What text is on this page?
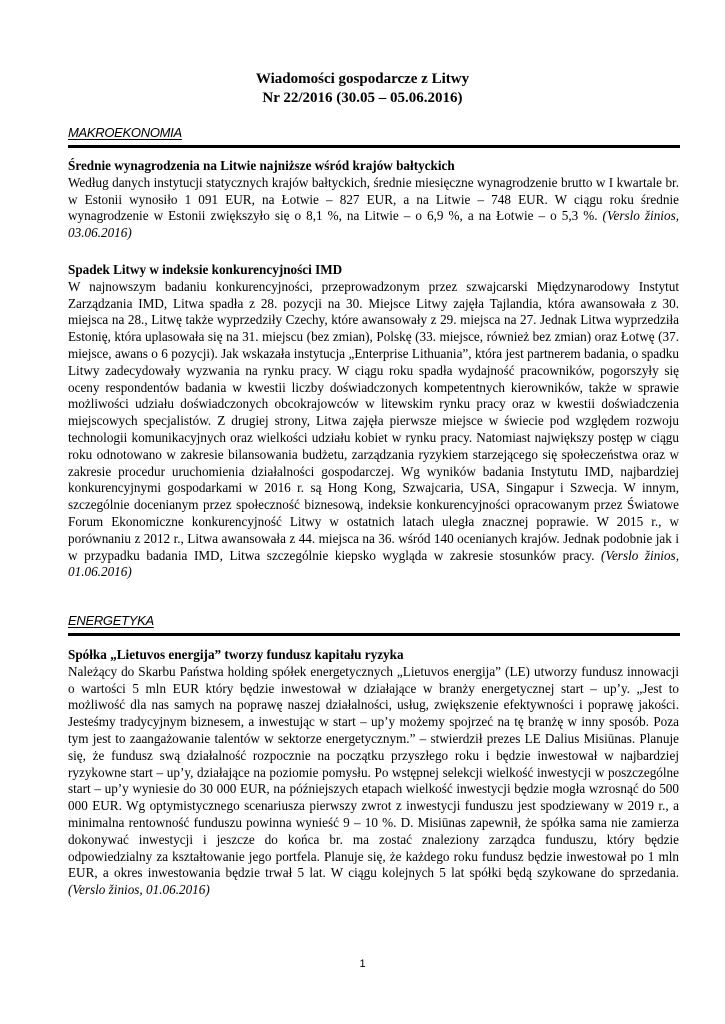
Wiadomości gospodarcze z Litwy
Nr 22/2016 (30.05 – 05.06.2016)
MAKROEKONOMIA
Średnie wynagrodzenia na Litwie najniższe wśród krajów bałtyckich
Według danych instytucji statycznych krajów bałtyckich, średnie miesięczne wynagrodzenie brutto w I kwartale br. w Estonii wynosiło 1 091 EUR, na Łotwie – 827 EUR, a na Litwie – 748 EUR. W ciągu roku średnie wynagrodzenie w Estonii zwiększyło się o 8,1 %, na Litwie – o 6,9 %, a na Łotwie – o 5,3 %. (Verslo žinios, 03.06.2016)
Spadek Litwy w indeksie konkurencyjności IMD
W najnowszym badaniu konkurencyjności, przeprowadzonym przez szwajcarski Międzynarodowy Instytut Zarządzania IMD, Litwa spadła z 28. pozycji na 30. Miejsce Litwy zajęła Tajlandia, która awansowała z 30. miejsca na 28., Litwę także wyprzedziły Czechy, które awansowały z 29. miejsca na 27. Jednak Litwa wyprzedziła Estonię, która uplasowała się na 31. miejscu (bez zmian), Polskę (33. miejsce, również bez zmian) oraz Łotwę (37. miejsce, awans o 6 pozycji). Jak wskazała instytucja „Enterprise Lithuania”, która jest partnerem badania, o spadku Litwy zadecydowały wyzwania na rynku pracy. W ciągu roku spadła wydajność pracowników, pogorszyły się oceny respondentów badania w kwestii liczby doświadczonych kompetentnych kierowników, także w sprawie możliwości udziału doświadczonych obcokrajowców w litewskim rynku pracy oraz w kwestii doświadczenia miejscowych specjalistów. Z drugiej strony, Litwa zajęła pierwsze miejsce w świecie pod względem rozwoju technologii komunikacyjnych oraz wielkości udziału kobiet w rynku pracy. Natomiast największy postęp w ciągu roku odnotowano w zakresie bilansowania budżetu, zarządzania ryzykiem starzejącego się społeczeństwa oraz w zakresie procedur uruchomienia działalności gospodarczej. Wg wyników badania Instytutu IMD, najbardziej konkurencyjnymi gospodarkami w 2016 r. są Hong Kong, Szwajcaria, USA, Singapur i Szwecja. W innym, szczególnie docenianym przez społeczność biznesową, indeksie konkurencyjności opracowanym przez Światowe Forum Ekonomiczne konkurencyjność Litwy w ostatnich latach uległa znacznej poprawie. W 2015 r., w porównaniu z 2012 r., Litwa awansowała z 44. miejsca na 36. wśród 140 ocenianych krajów. Jednak podobnie jak i w przypadku badania IMD, Litwa szczególnie kiepsko wygląda w zakresie stosunków pracy. (Verslo žinios, 01.06.2016)
ENERGETYKA
Spółka „Lietuvos energija” tworzy fundusz kapitału ryzyka
Należący do Skarbu Państwa holding spółek energetycznych „Lietuvos energija” (LE) utworzy fundusz innowacji o wartości 5 mln EUR który będzie inwestował w działające w branży energetycznej start – up’y. „Jest to możliwość dla nas samych na poprawę naszej działalności, usług, zwiększenie efektywności i poprawę jakości. Jesteśmy tradycyjnym biznesem, a inwestując w start – up’y możemy spojrzeć na tę branżę w inny sposób. Poza tym jest to zaangażowanie talentów w sektorze energetycznym.” – stwierdził prezes LE Dalius Misiūnas. Planuje się, że fundusz swą działalność rozpocznie na początku przyszłego roku i będzie inwestował w najbardziej ryzykowne start – up’y, działające na poziomie pomysłu. Po wstępnej selekcji wielkość inwestycji w poszczególne start – up’y wyniesie do 30 000 EUR, na późniejszych etapach wielkość inwestycji będzie mogła wzrosnąć do 500 000 EUR. Wg optymistycznego scenariusza pierwszy zwrot z inwestycji funduszu jest spodziewany w 2019 r., a minimalna rentowność funduszu powinna wynieść 9 – 10 %. D. Misiūnas zapewnił, że spółka sama nie zamierza dokonywać inwestycji i jeszcze do końca br. ma zostać znaleziony zarządca funduszu, który będzie odpowiedzialny za kształtowanie jego portfela. Planuje się, że każdego roku fundusz będzie inwestował po 1 mln EUR, a okres inwestowania będzie trwał 5 lat. W ciągu kolejnych 5 lat spółki będą szykowane do sprzedania. (Verslo žinios, 01.06.2016)
1
